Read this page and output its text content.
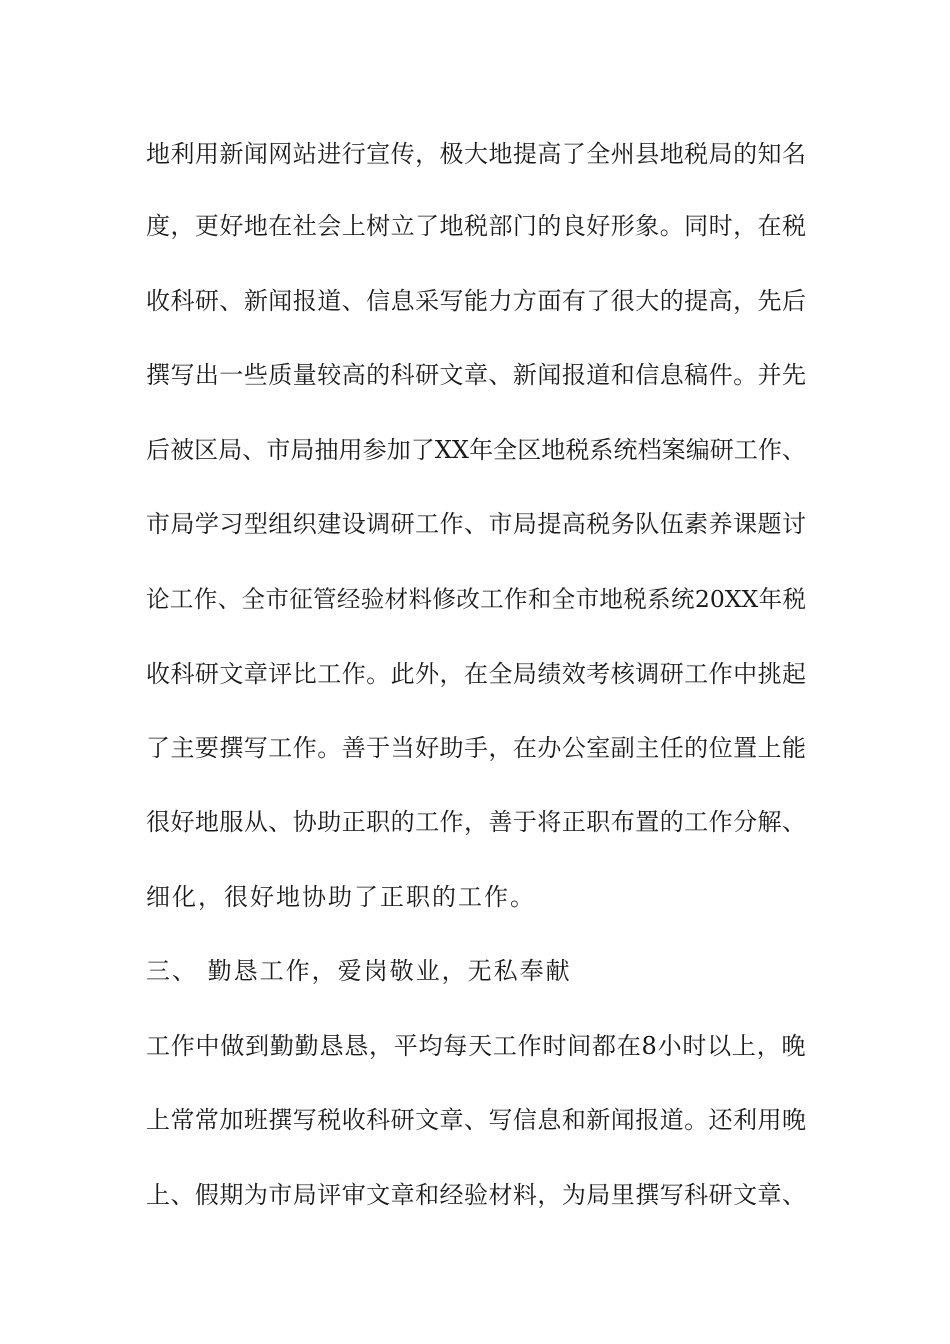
地利用新闻网站进行宣传，极大地提高了全州县地税局的知名
度，更好地在社会上树立了地税部门的良好形象。同时，在税
收科研、新闻报道、信息采写能力方面有了很大的提高，先后
撰写出一些质量较高的科研文章、新闻报道和信息稿件。并先
后被区局、市局抽用参加了XX年全区地税系统档案编研工作、
市局学习型组织建设调研工作、市局提高税务队伍素养课题讨
论工作、全市征管经验材料修改工作和全市地税系统20XX年税
收科研文章评比工作。此外，在全局绩效考核调研工作中挑起
了主要撰写工作。善于当好助手，在办公室副主任的位置上能
很好地服从、协助正职的工作，善于将正职布置的工作分解、
细化，很好地协助了正职的工作。
三、 勤恳工作，爱岗敬业，无私奉献
工作中做到勤勤恳恳，平均每天工作时间都在8小时以上，晚
上常常加班撰写税收科研文章、写信息和新闻报道。还利用晚
上、假期为市局评审文章和经验材料，为局里撰写科研文章、
